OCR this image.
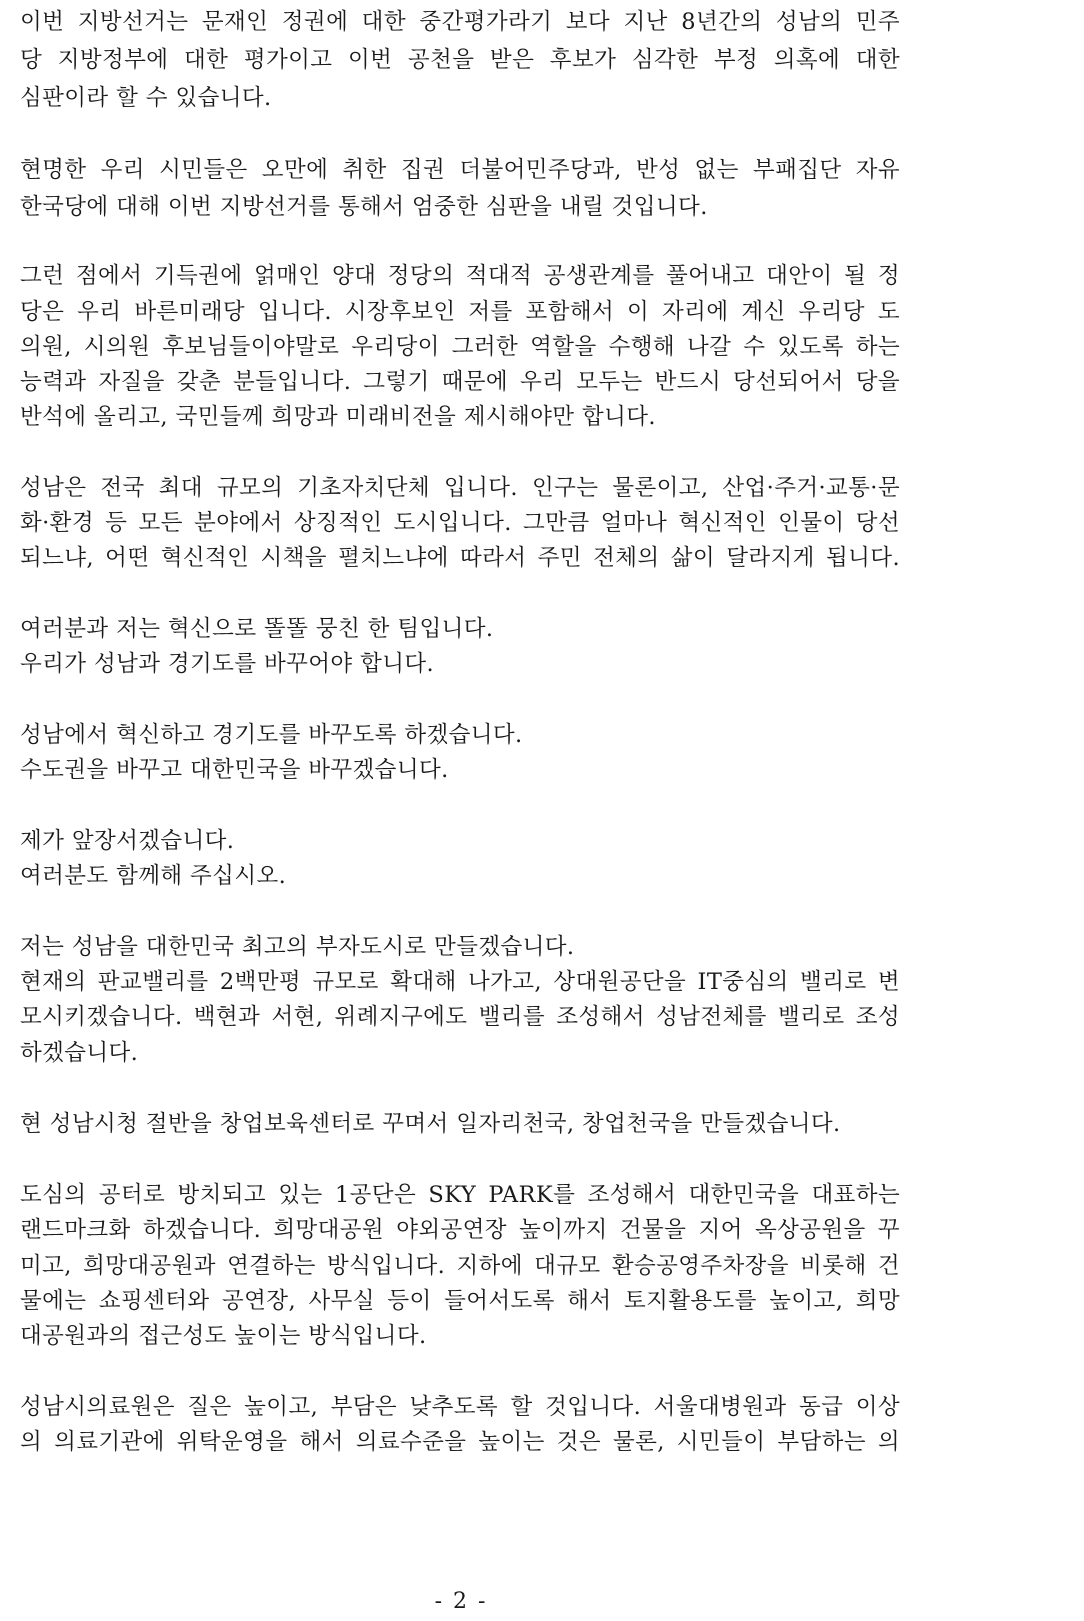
이번 지방선거는 문재인 정권에 대한 중간평가라기 보다 지난 8년간의 성남의 민주
당 지방정부에 대한 평가이고 이번 공천을 받은 후보가 심각한 부정 의혹에 대한
심판이라 할 수 있습니다.
현명한 우리 시민들은 오만에 취한 집권 더불어민주당과, 반성 없는 부패집단 자유
한국당에 대해 이번 지방선거를 통해서 엄중한 심판을 내릴 것입니다.
그런 점에서 기득권에 얽매인 양대 정당의 적대적 공생관계를 풀어내고 대안이 될 정
당은 우리 바른미래당 입니다. 시장후보인 저를 포함해서 이 자리에 계신 우리당 도
의원, 시의원 후보님들이야말로 우리당이 그러한 역할을 수행해 나갈 수 있도록 하는
능력과 자질을 갖춘 분들입니다. 그렇기 때문에 우리 모두는 반드시 당선되어서 당을
반석에 올리고, 국민들께 희망과 미래비전을 제시해야만 합니다.
성남은 전국 최대 규모의 기초자치단체 입니다. 인구는 물론이고, 산업·주거·교통·문
화·환경 등 모든 분야에서 상징적인 도시입니다. 그만큼 얼마나 혁신적인 인물이 당선
되느냐, 어떤 혁신적인 시책을 펼치느냐에 따라서 주민 전체의 삶이 달라지게 됩니다.
여러분과 저는 혁신으로 똘똘 뭉친 한 팀입니다.
우리가 성남과 경기도를 바꾸어야 합니다.
성남에서 혁신하고 경기도를 바꾸도록 하겠습니다.
수도권을 바꾸고 대한민국을 바꾸겠습니다.
제가 앞장서겠습니다.
여러분도 함께해 주십시오.
저는 성남을 대한민국 최고의 부자도시로 만들겠습니다.
현재의 판교밸리를 2백만평 규모로 확대해 나가고, 상대원공단을 IT중심의 밸리로 변
모시키겠습니다. 백현과 서현, 위례지구에도 밸리를 조성해서 성남전체를 밸리로 조성
하겠습니다.
현 성남시청 절반을 창업보육센터로 꾸며서 일자리천국, 창업천국을 만들겠습니다.
도심의 공터로 방치되고 있는 1공단은 SKY PARK를 조성해서 대한민국을 대표하는
랜드마크화 하겠습니다. 희망대공원 야외공연장 높이까지 건물을 지어 옥상공원을 꾸
미고, 희망대공원과 연결하는 방식입니다. 지하에 대규모 환승공영주차장을 비롯해 건
물에는 쇼핑센터와 공연장, 사무실 등이 들어서도록 해서 토지활용도를 높이고, 희망
대공원과의 접근성도 높이는 방식입니다.
성남시의료원은 질은 높이고, 부담은 낮추도록 할 것입니다. 서울대병원과 동급 이상
의 의료기관에 위탁운영을 해서 의료수준을 높이는 것은 물론, 시민들이 부담하는 의
- 2 -
